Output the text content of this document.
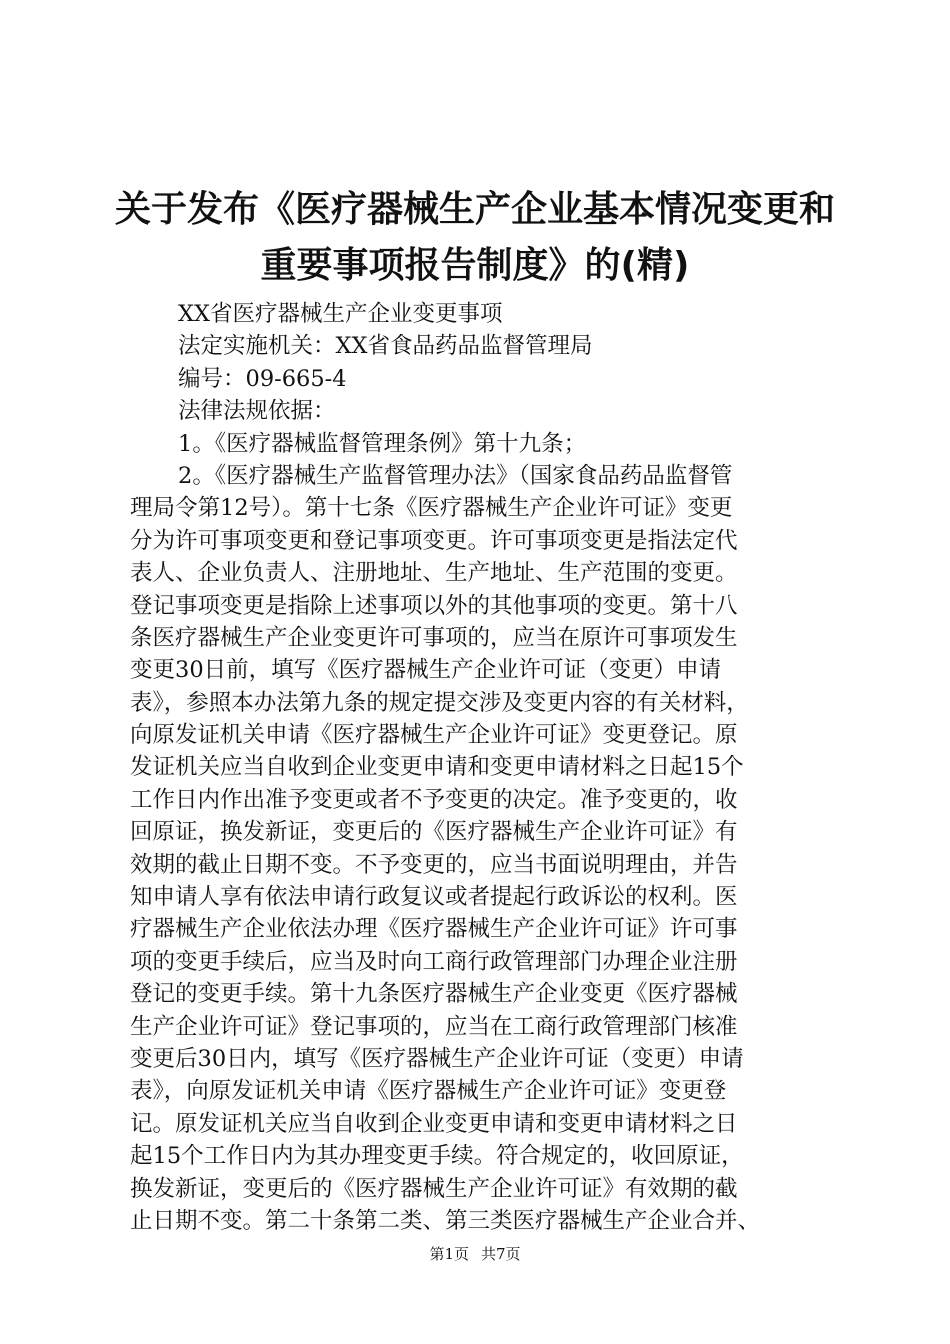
关于发布《医疗器械生产企业基本情况变更和
重要事项报告制度》的(精)
XX省医疗器械生产企业变更事项
法定实施机关：XX省食品药品监督管理局
编号：09-665-4
法律法规依据：
1。《医疗器械监督管理条例》第十九条；
2。《医疗器械生产监督管理办法》（国家食品药品监督管
理局令第12号）。第十七条《医疗器械生产企业许可证》变更
分为许可事项变更和登记事项变更。许可事项变更是指法定代
表人、企业负责人、注册地址、生产地址、生产范围的变更。
登记事项变更是指除上述事项以外的其他事项的变更。第十八
条医疗器械生产企业变更许可事项的，应当在原许可事项发生
变更30日前，填写《医疗器械生产企业许可证（变更）申请
表》，参照本办法第九条的规定提交涉及变更内容的有关材料，
向原发证机关申请《医疗器械生产企业许可证》变更登记。原
发证机关应当自收到企业变更申请和变更申请材料之日起15个
工作日内作出准予变更或者不予变更的决定。准予变更的，收
回原证，换发新证，变更后的《医疗器械生产企业许可证》有
效期的截止日期不变。不予变更的，应当书面说明理由，并告
知申请人享有依法申请行政复议或者提起行政诉讼的权利。医
疗器械生产企业依法办理《医疗器械生产企业许可证》许可事
项的变更手续后，应当及时向工商行政管理部门办理企业注册
登记的变更手续。第十九条医疗器械生产企业变更《医疗器械
生产企业许可证》登记事项的，应当在工商行政管理部门核准
变更后30日内，填写《医疗器械生产企业许可证（变更）申请
表》，向原发证机关申请《医疗器械生产企业许可证》变更登
记。原发证机关应当自收到企业变更申请和变更申请材料之日
起15个工作日内为其办理变更手续。符合规定的，收回原证，
换发新证，变更后的《医疗器械生产企业许可证》有效期的截
止日期不变。第二十条第二类、第三类医疗器械生产企业合并、
第1页 共7页
